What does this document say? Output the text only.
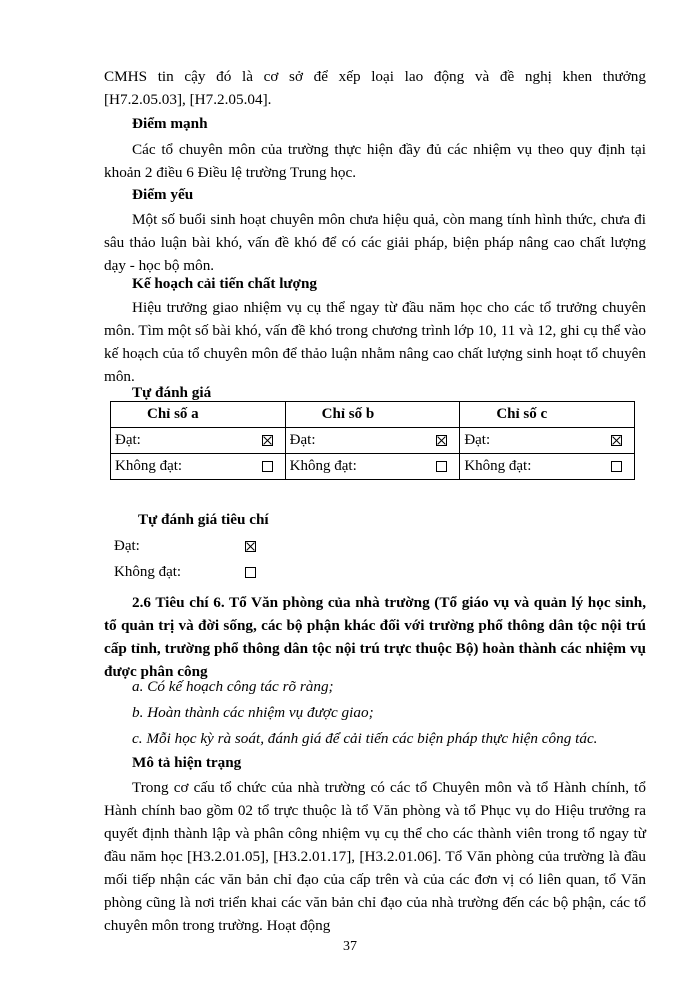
CMHS tin cậy đó là cơ sở để xếp loại lao động và đề nghị khen thưởng

[H7.2.05.03], [H7.2.05.04].

Điểm mạnh

Các tổ chuyên môn của trường thực hiện đầy đủ các nhiệm vụ theo quy định tại khoản 2 điều 6 Điều lệ trường Trung học.

Điểm yếu

Một số buổi sinh hoạt chuyên môn chưa hiệu quả, còn mang tính hình thức, chưa đi sâu thảo luận bài khó, vấn đề khó để có các giải pháp, biện pháp nâng cao chất lượng dạy - học bộ môn.

Kế hoạch cải tiến chất lượng

Hiệu trưởng giao nhiệm vụ cụ thể ngay từ đầu năm học cho các tổ trưởng chuyên môn. Tìm một số bài khó, vấn đề khó trong chương trình lớp 10, 11 và 12, ghi cụ thể vào kế hoạch của tổ chuyên môn để thảo luận nhằm nâng cao chất lượng sinh hoạt tổ chuyên môn.

Tự đánh giá

Chỉ số a	Chỉ số b	Chỉ số c

Đạt:	Đạt:	Đạt:

Không đạt:	Không đạt:	Không đạt:

Tự đánh giá tiêu chí

Đạt:
Không đạt:

2.6 Tiêu chí 6. Tổ Văn phòng của nhà trường (Tổ giáo vụ và quản lý học sinh, tổ quản trị và đời sống, các bộ phận khác đối với trường phổ thông dân tộc nội trú cấp tỉnh, trường phổ thông dân tộc nội trú trực thuộc Bộ) hoàn thành các nhiệm vụ được phân công

a. Có kế hoạch công tác rõ ràng;

b. Hoàn thành các nhiệm vụ được giao;

c. Mỗi học kỳ rà soát, đánh giá để cải tiến các biện pháp thực hiện công tác.

Mô tả hiện trạng

Trong cơ cấu tổ chức của nhà trường có các tổ Chuyên môn và tổ Hành chính, tổ Hành chính bao gồm 02 tổ trực thuộc là tổ Văn phòng và tổ Phục vụ do Hiệu trưởng ra quyết định thành lập và phân công nhiệm vụ cụ thể cho các thành viên trong tổ ngay từ đầu năm học [H3.2.01.05], [H3.2.01.17], [H3.2.01.06]. Tổ Văn phòng của trường là đầu mối tiếp nhận các văn bản chỉ đạo của cấp trên và của các đơn vị có liên quan, tổ Văn phòng cũng là nơi triển khai các văn bản chỉ đạo của nhà trường đến các bộ phận, các tổ chuyên môn trong trường. Hoạt động

37
